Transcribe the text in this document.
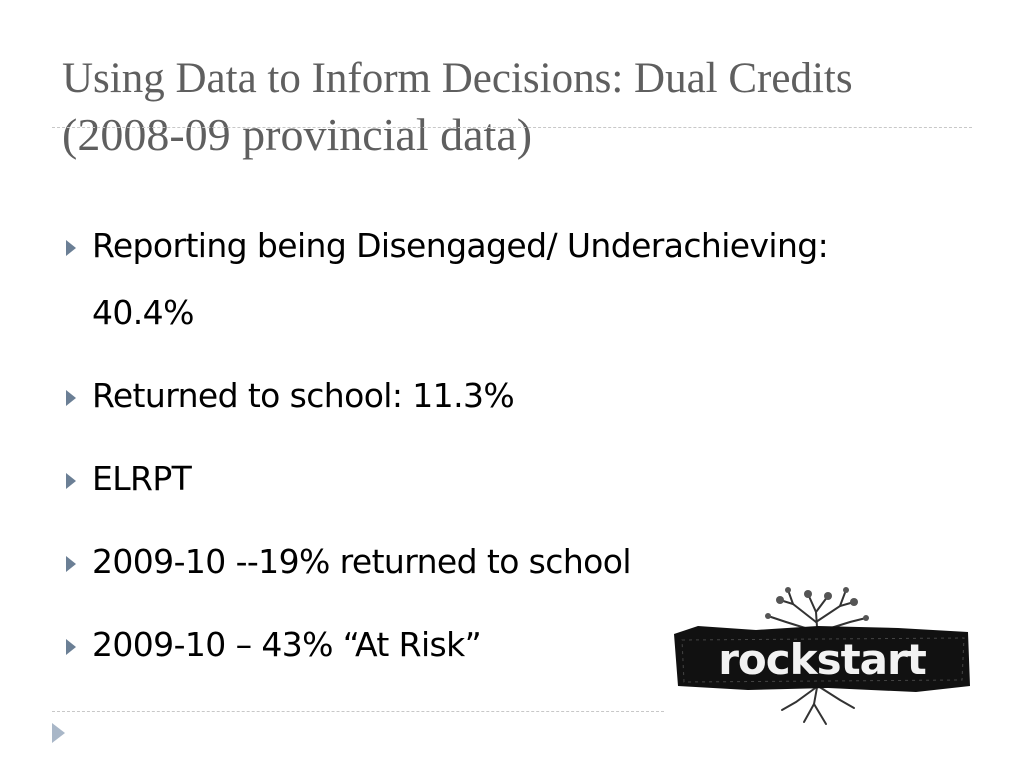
Using Data to Inform Decisions: Dual Credits (2008-09 provincial data)
Reporting being Disengaged/ Underachieving:
40.4%
Returned to school: 11.3%
ELRPT
2009-10 --19% returned to school
2009-10 – 43% “At Risk”	rockstart
